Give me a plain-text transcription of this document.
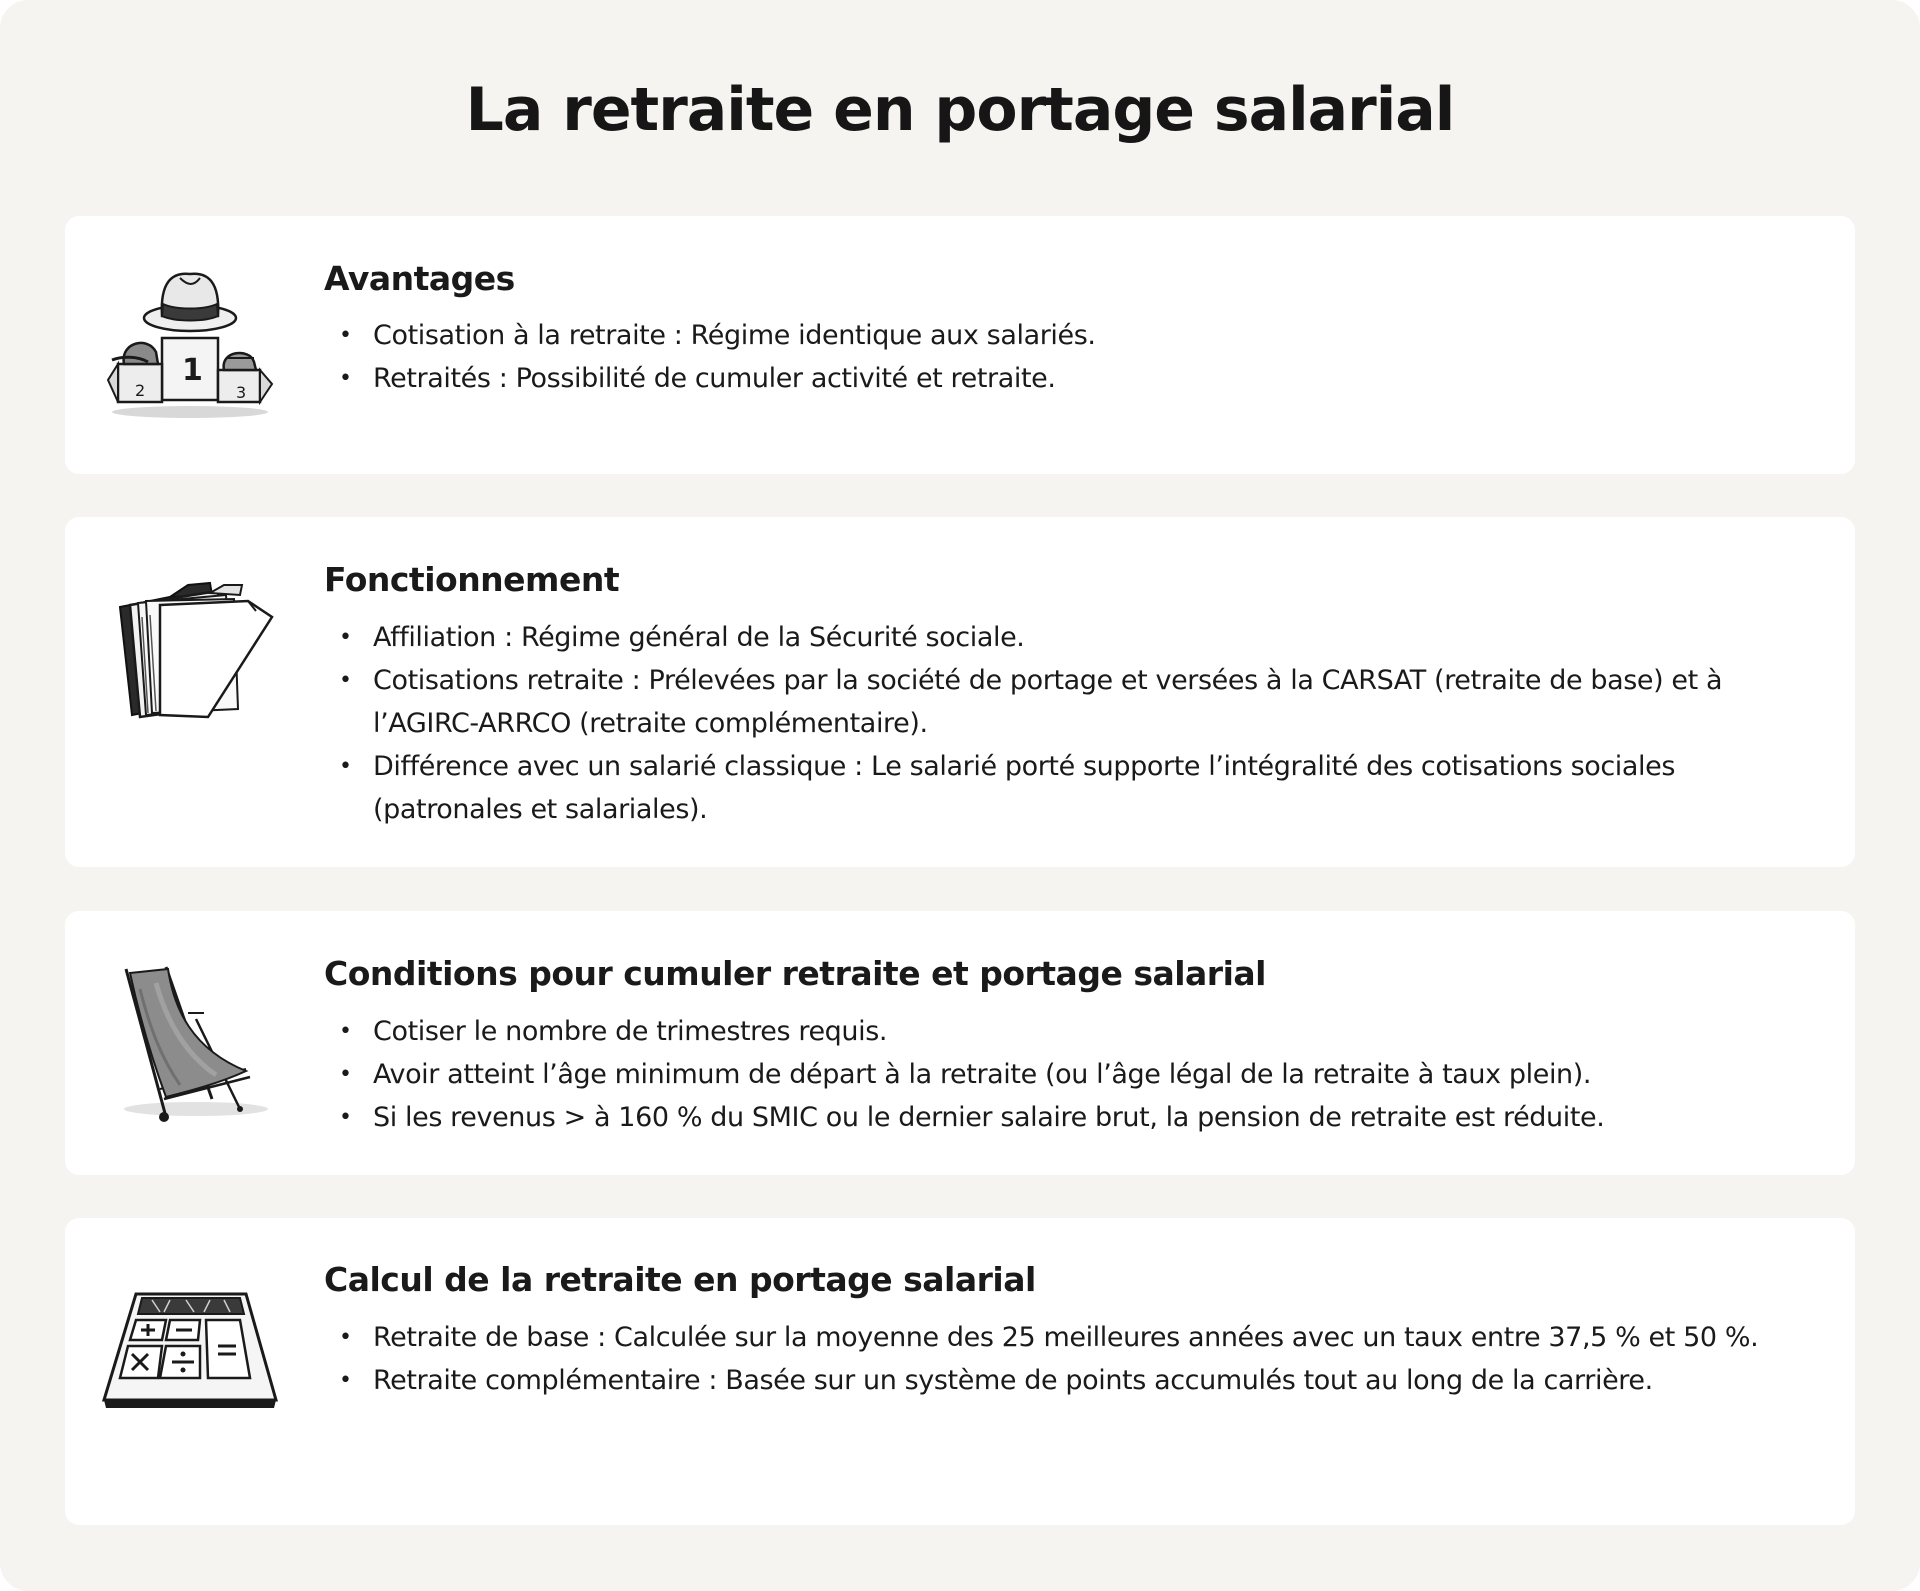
La retraite en portage salarial
1
2	3
Avantages
• Cotisation à la retraite : Régime identique aux salariés.
• Retraités : Possibilité de cumuler activité et retraite.
Fonctionnement
• Affiliation : Régime général de la Sécurité sociale.
• Cotisations retraite : Prélevées par la société de portage et versées à la CARSAT (retraite de base) et à l’AGIRC-ARRCO (retraite complémentaire).
• Différence avec un salarié classique : Le salarié porté supporte l’intégralité des cotisations sociales (patronales et salariales).
Conditions pour cumuler retraite et portage salarial
• Cotiser le nombre de trimestres requis.
• Avoir atteint l’âge minimum de départ à la retraite (ou l’âge légal de la retraite à taux plein).
• Si les revenus > à 160 % du SMIC ou le dernier salaire brut, la pension de retraite est réduite.
Calcul de la retraite en portage salarial
• Retraite de base : Calculée sur la moyenne des 25 meilleures années avec un taux entre 37,5 % et 50 %.
• Retraite complémentaire : Basée sur un système de points accumulés tout au long de la carrière.
